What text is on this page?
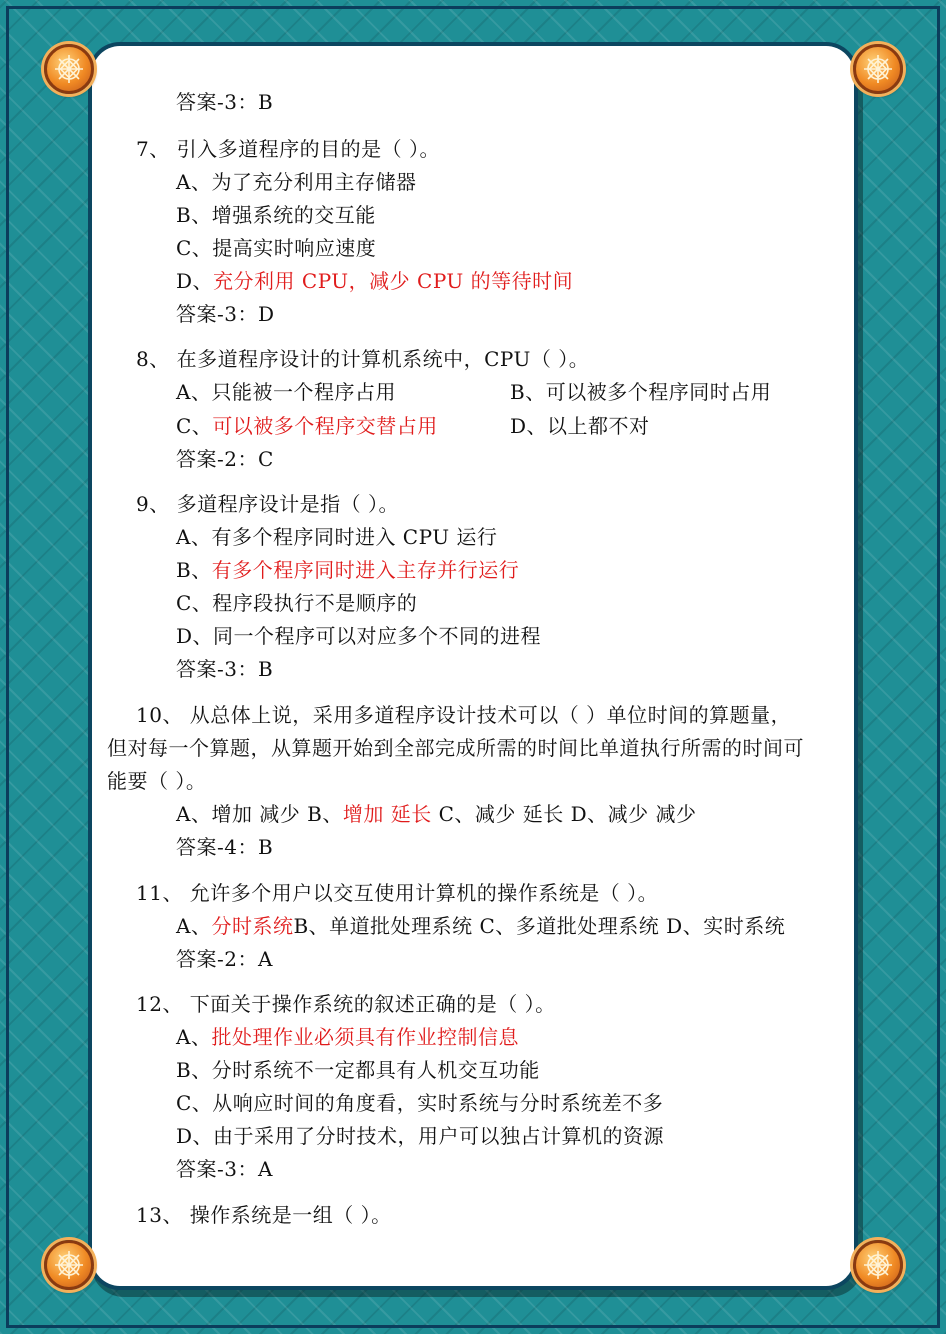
答案-3：B
7、 引入多道程序的目的是（ ）。
A、为了充分利用主存储器
B、增强系统的交互能
C、提高实时响应速度
D、充分利用 CPU，减少 CPU 的等待时间
答案-3：D
8、 在多道程序设计的计算机系统中，CPU（ ）。
A、只能被一个程序占用	B、可以被多个程序同时占用
C、可以被多个程序交替占用	D、以上都不对
答案-2：C
9、 多道程序设计是指（ ）。
A、有多个程序同时进入 CPU 运行
B、有多个程序同时进入主存并行运行
C、程序段执行不是顺序的
D、同一个程序可以对应多个不同的进程
答案-3：B
10、 从总体上说，采用多道程序设计技术可以（ ）单位时间的算题量，
但对每一个算题，从算题开始到全部完成所需的时间比单道执行所需的时间可
能要（ ）。
A、增加 减少 B、增加 延长 C、减少 延长 D、减少 减少
答案-4：B
11、 允许多个用户以交互使用计算机的操作系统是（ ）。
A、分时系统B、单道批处理系统 C、多道批处理系统 D、实时系统
答案-2：A
12、 下面关于操作系统的叙述正确的是（ ）。
A、批处理作业必须具有作业控制信息
B、分时系统不一定都具有人机交互功能
C、从响应时间的角度看，实时系统与分时系统差不多
D、由于采用了分时技术，用户可以独占计算机的资源
答案-3：A
13、 操作系统是一组（ ）。
